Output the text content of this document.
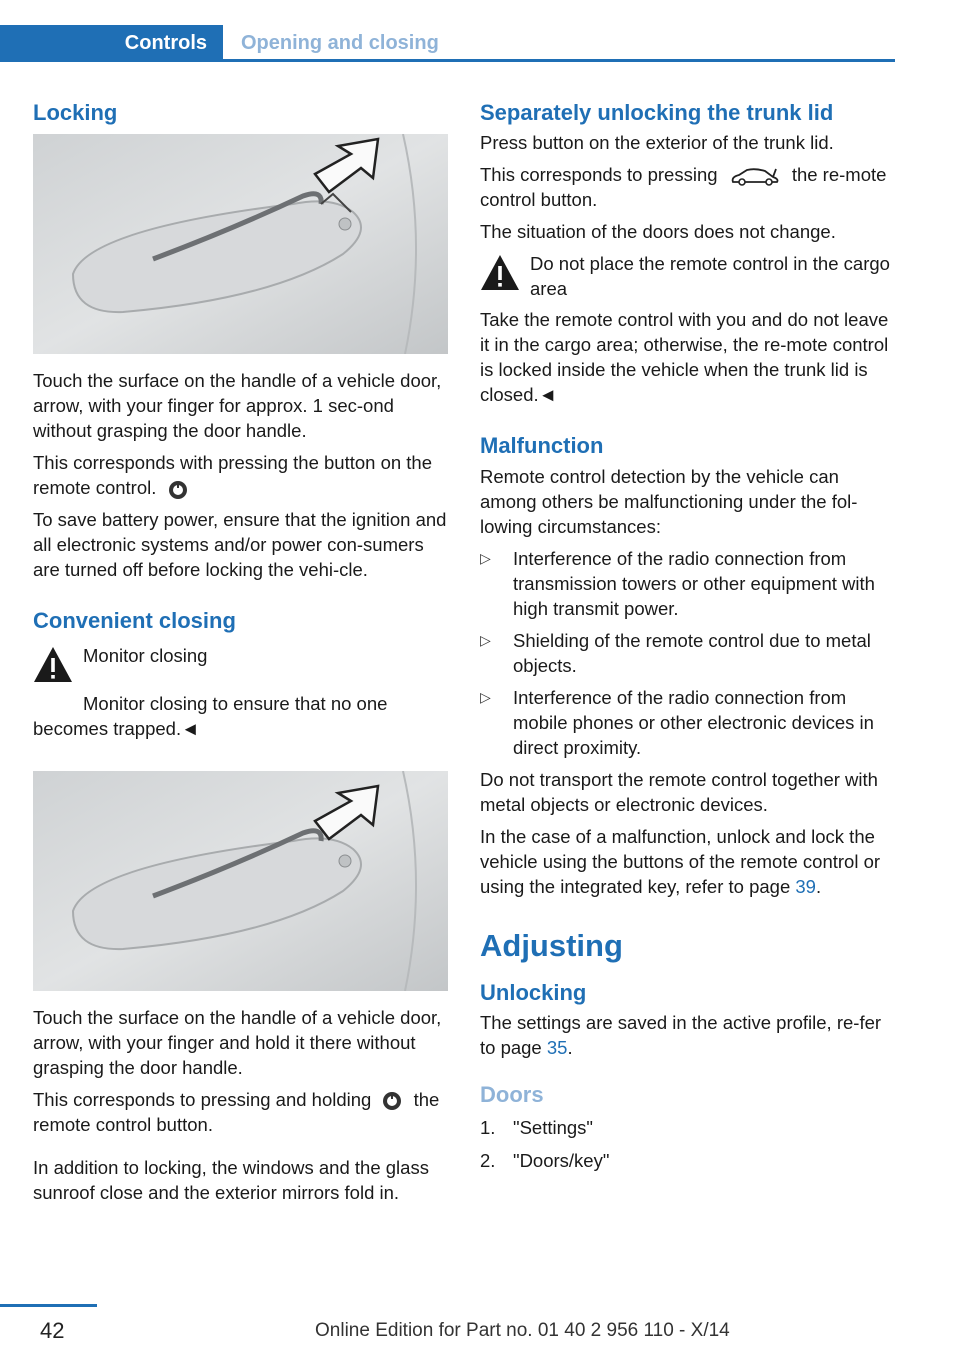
Controls	Opening and closing
Locking

Touch the surface on the handle of a vehicle door, arrow, with your finger for approx. 1 sec‐ond without grasping the door handle.

This corresponds with pressing the button on the remote control.

To save battery power, ensure that the ignition and all electronic systems and/or power con‐sumers are turned off before locking the vehi‐cle.

Convenient closing
Monitor closing

Monitor closing to ensure that no one becomes trapped.◄

Touch the surface on the handle of a vehicle door, arrow, with your finger and hold it there without grasping the door handle.

This corresponds to pressing and holding the remote control button.

In addition to locking, the windows and the glass sunroof close and the exterior mirrors fold in.

Separately unlocking the trunk lid

Press button on the exterior of the trunk lid.

This corresponds to pressing	the re‐mote control button.

The situation of the doors does not change.

Do not place the remote control in the cargo area

Take the remote control with you and do not leave it in the cargo area; otherwise, the re‐mote control is locked inside the vehicle when the trunk lid is closed.◄

Malfunction

Remote control detection by the vehicle can among others be malfunctioning under the fol‐lowing circumstances:

▷	Interference of the radio connection from transmission towers or other equipment with high transmit power.
▷	Shielding of the remote control due to metal objects.
▷	Interference of the radio connection from mobile phones or other electronic devices in direct proximity.

Do not transport the remote control together with metal objects or electronic devices.

In the case of a malfunction, unlock and lock the vehicle using the buttons of the remote control or using the integrated key, refer to page 39.

Adjusting
Unlocking

The settings are saved in the active profile, re‐fer to page 35.

Doors
1. "Settings"
2. "Doors/key"
42	Online Edition for Part no. 01 40 2 956 110 - X/14
